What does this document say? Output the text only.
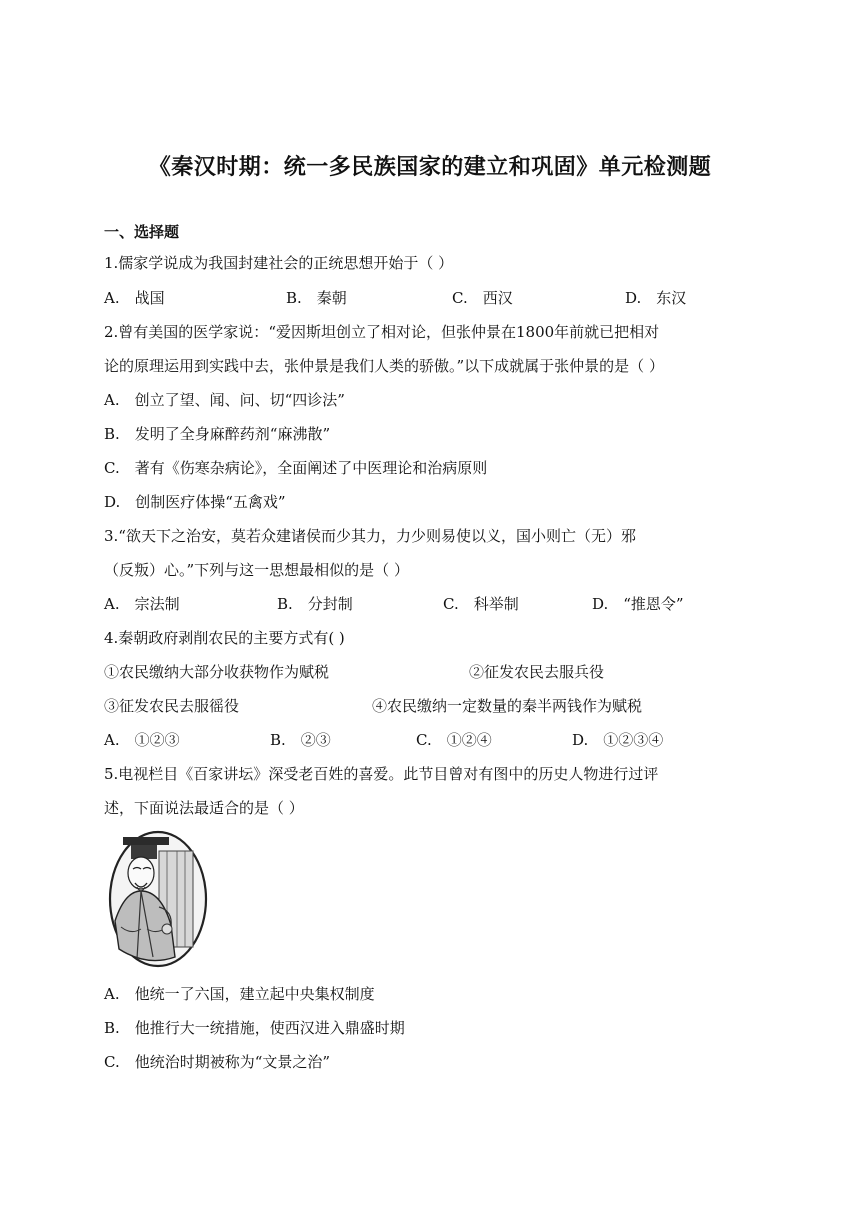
《秦汉时期：统一多民族国家的建立和巩固》单元检测题
一、选择题
1.儒家学说成为我国封建社会的正统思想开始于（ ）
A.　战国	B.　秦朝	C.　西汉	D.　东汉
2.曾有美国的医学家说：“爱因斯坦创立了相对论，但张仲景在1800年前就已把相对
论的原理运用到实践中去，张仲景是我们人类的骄傲。”以下成就属于张仲景的是（ ）
A.　创立了望、闻、问、切“四诊法”
B.　发明了全身麻醉药剂“麻沸散”
C.　著有《伤寒杂病论》，全面阐述了中医理论和治病原则
D.　创制医疗体操“五禽戏”
3.“欲天下之治安，莫若众建诸侯而少其力，力少则易使以义，国小则亡（无）邪
（反叛）心。”下列与这一思想最相似的是（ ）
A.　宗法制	B.　分封制	C.　科举制	D.　“推恩令”
4.秦朝政府剥削农民的主要方式有( )
①农民缴纳大部分收获物作为赋税	②征发农民去服兵役
③征发农民去服徭役	④农民缴纳一定数量的秦半两钱作为赋税
A.　①②③	B.　②③	C.　①②④	D.　①②③④
5.电视栏目《百家讲坛》深受老百姓的喜爱。此节目曾对有图中的历史人物进行过评
述，下面说法最适合的是（ ）
A.　他统一了六国，建立起中央集权制度
B.　他推行大一统措施，使西汉进入鼎盛时期
C.　他统治时期被称为“文景之治”
